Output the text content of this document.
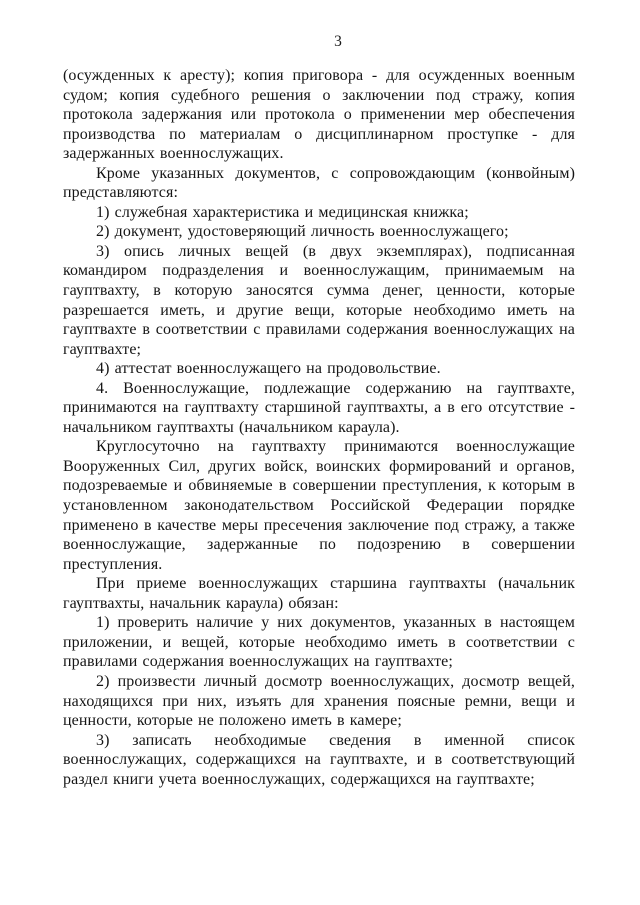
3

(осужденных к аресту); копия приговора - для осужденных военным судом; копия судебного решения о заключении под стражу, копия протокола задержания или протокола о применении мер обеспечения производства по материалам о дисциплинарном проступке - для задержанных военнослужащих.

Кроме указанных документов, с сопровождающим (конвойным) представляются:

1) служебная характеристика и медицинская книжка;

2) документ, удостоверяющий личность военнослужащего;

3) опись личных вещей (в двух экземплярах), подписанная командиром подразделения и военнослужащим, принимаемым на гауптвахту, в которую заносятся сумма денег, ценности, которые разрешается иметь, и другие вещи, которые необходимо иметь на гауптвахте в соответствии с правилами содержания военнослужащих на гауптвахте;

4) аттестат военнослужащего на продовольствие.

4. Военнослужащие, подлежащие содержанию на гауптвахте, принимаются на гауптвахту старшиной гауптвахты, а в его отсутствие - начальником гауптвахты (начальником караула).

Круглосуточно на гауптвахту принимаются военнослужащие Вооруженных Сил, других войск, воинских формирований и органов, подозреваемые и обвиняемые в совершении преступления, к которым в установленном законодательством Российской Федерации порядке применено в качестве меры пресечения заключение под стражу, а также военнослужащие, задержанные по подозрению в совершении преступления.

При приеме военнослужащих старшина гауптвахты (начальник гауптвахты, начальник караула) обязан:

1) проверить наличие у них документов, указанных в настоящем приложении, и вещей, которые необходимо иметь в соответствии с правилами содержания военнослужащих на гауптвахте;

2) произвести личный досмотр военнослужащих, досмотр вещей, находящихся при них, изъять для хранения поясные ремни, вещи и ценности, которые не положено иметь в камере;

3) записать необходимые сведения в именной список военнослужащих, содержащихся на гауптвахте, и в соответствующий раздел книги учета военнослужащих, содержащихся на гауптвахте;
